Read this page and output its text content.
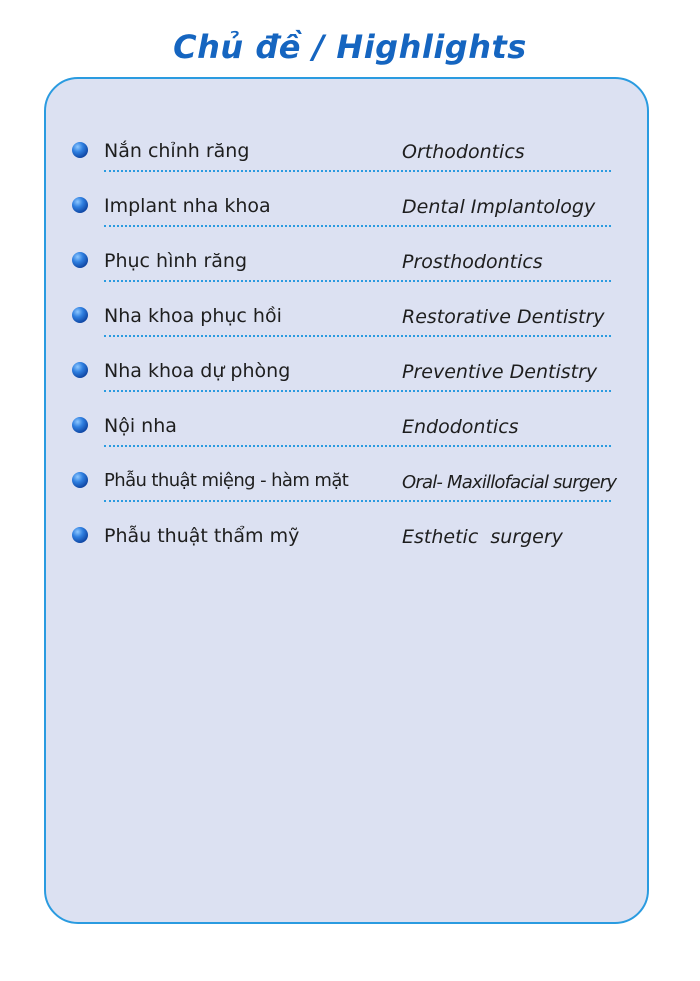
Chủ đề / Highlights
Nắn chỉnh răng	Orthodontics
Implant nha khoa	Dental Implantology
Phục hình răng	Prosthodontics
Nha khoa phục hồi	Restorative Dentistry
Nha khoa dự phòng	Preventive Dentistry
Nội nha	Endodontics
Phẫu thuật miệng - hàm mặt	Oral- Maxillofacial surgery
Phẫu thuật thẩm mỹ	Esthetic  surgery
